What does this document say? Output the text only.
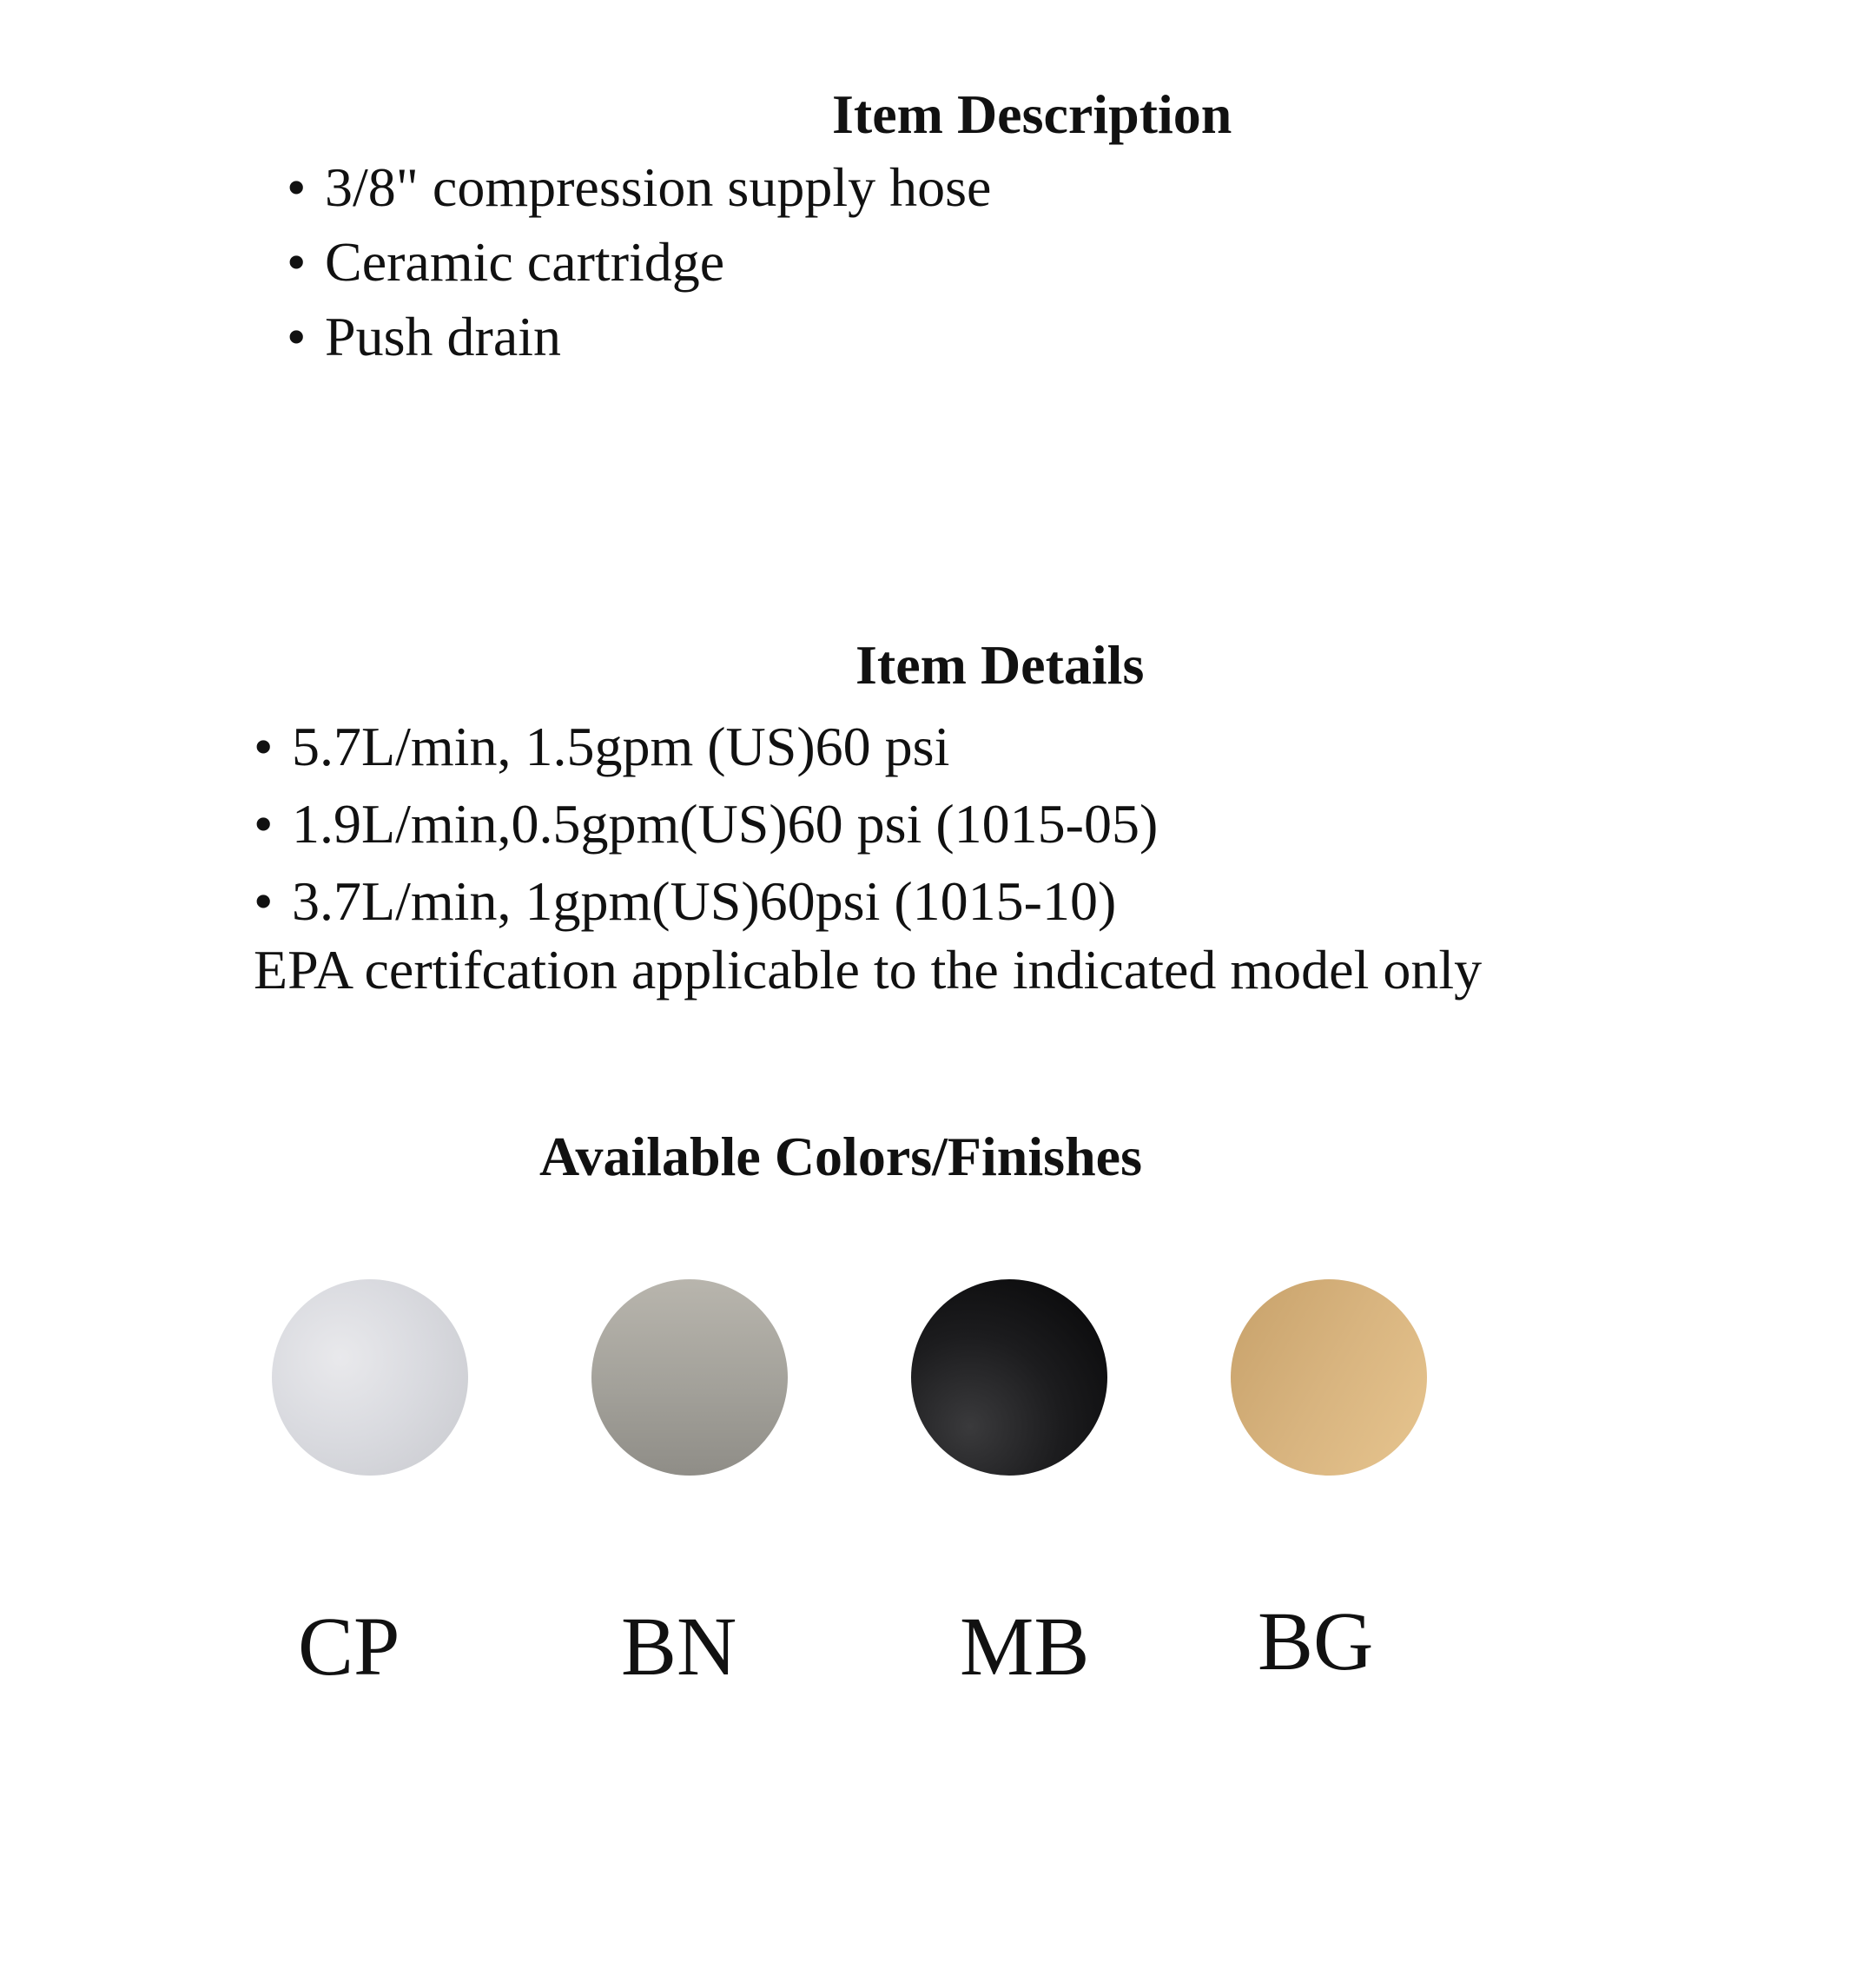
Item Description
• 3/8" compression supply hose
• Ceramic cartridge
• Push drain
Item Details
• 5.7L/min, 1.5gpm (US)60 psi
• 1.9L/min,0.5gpm(US)60 psi (1015-05)
• 3.7L/min, 1gpm(US)60psi (1015-10)
EPA certifcation applicable to the indicated model only
Available Colors/Finishes
CP	BN	MB BG
